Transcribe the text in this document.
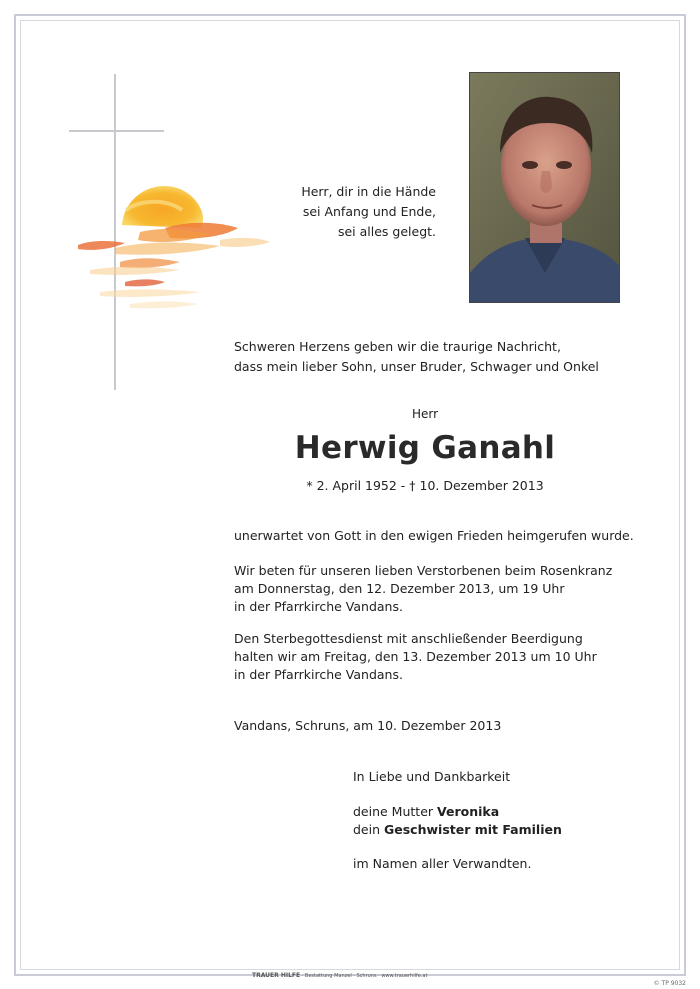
Herr, dir in die Hände
sei Anfang und Ende,
sei alles gelegt.
Schweren Herzens geben wir die traurige Nachricht,
dass mein lieber Sohn, unser Bruder, Schwager und Onkel
Herr
Herwig Ganahl
* 2. April 1952 - † 10. Dezember 2013
unerwartet von Gott in den ewigen Frieden heimgerufen wurde.
Wir beten für unseren lieben Verstorbenen beim Rosenkranz
am Donnerstag, den 12. Dezember 2013, um 19 Uhr
in der Pfarrkirche Vandans.
Den Sterbegottesdienst mit anschließender Beerdigung
halten wir am Freitag, den 13. Dezember 2013 um 10 Uhr
in der Pfarrkirche Vandans.
Vandans, Schruns, am 10. Dezember 2013
In Liebe und Dankbarkeit
deine Mutter Veronika
dein Geschwister mit Familien
im Namen aller Verwandten.
TRAUER HILFE · Bestattung Manzel · Schruns · www.trauerhilfe.at
© TP 9032
